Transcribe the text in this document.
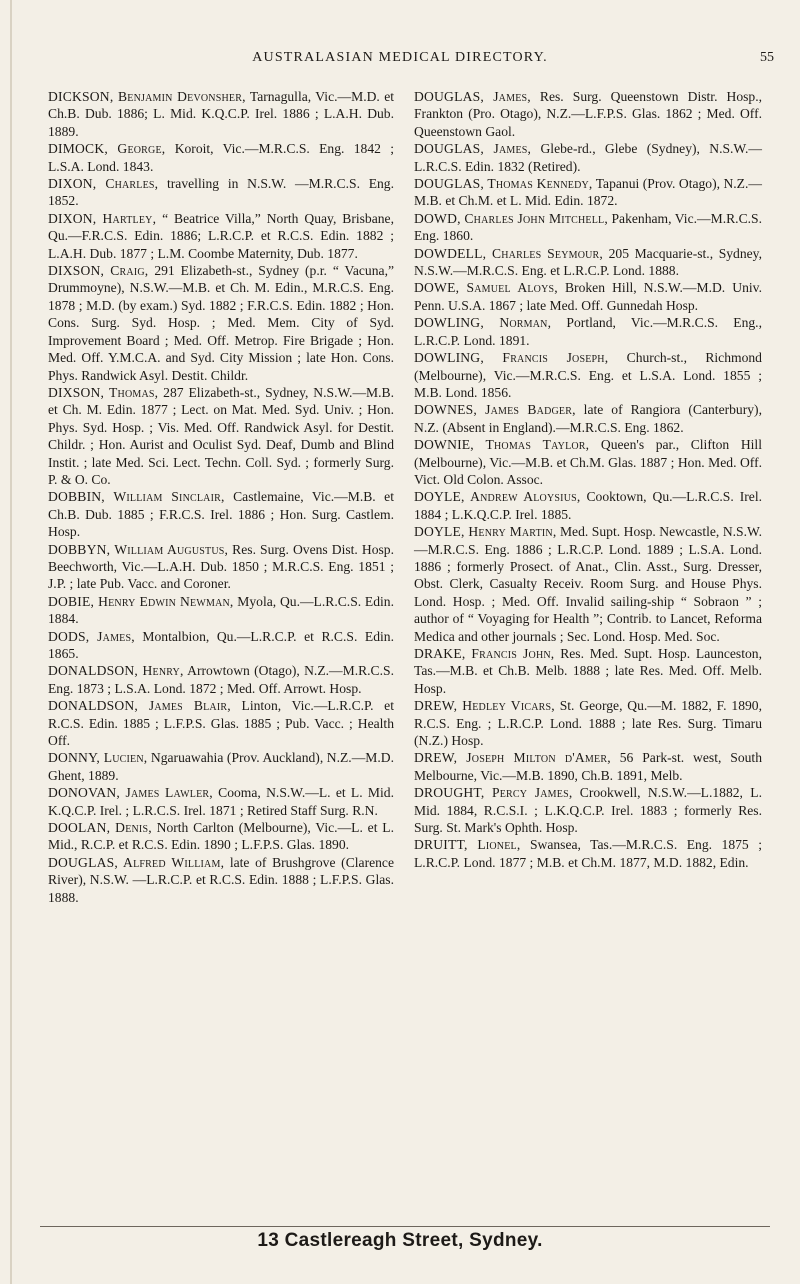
AUSTRALASIAN MEDICAL DIRECTORY.	55

DICKSON, Benjamin Devonsher, Tarnagulla, Vic.—M.D. et Ch.B. Dub. 1886; L. Mid. K.Q.C.P. Irel. 1886 ; L.A.H. Dub. 1889.

DIMOCK, George, Koroit, Vic.—M.R.C.S. Eng. 1842 ; L.S.A. Lond. 1843.

DIXON, Charles, travelling in N.S.W. —M.R.C.S. Eng. 1852.

DIXON, Hartley, “ Beatrice Villa,” North Quay, Brisbane, Qu.—F.R.C.S. Edin. 1886; L.R.C.P. et R.C.S. Edin. 1882 ; L.A.H. Dub. 1877 ; L.M. Coombe Maternity, Dub. 1877.

DIXSON, Craig, 291 Elizabeth-st., Sydney (p.r. “ Vacuna,” Drummoyne), N.S.W.—M.B. et Ch. M. Edin., M.R.C.S. Eng. 1878 ; M.D. (by exam.) Syd. 1882 ; F.R.C.S. Edin. 1882 ; Hon. Cons. Surg. Syd. Hosp. ; Med. Mem. City of Syd. Improvement Board ; Med. Off. Metrop. Fire Brigade ; Hon. Med. Off. Y.M.C.A. and Syd. City Mission ; late Hon. Cons. Phys. Randwick Asyl. Destit. Childr.

DIXSON, Thomas, 287 Elizabeth-st., Sydney, N.S.W.—M.B. et Ch. M. Edin. 1877 ; Lect. on Mat. Med. Syd. Univ. ; Hon. Phys. Syd. Hosp. ; Vis. Med. Off. Randwick Asyl. for Destit. Childr. ; Hon. Aurist and Oculist Syd. Deaf, Dumb and Blind Instit. ; late Med. Sci. Lect. Techn. Coll. Syd. ; formerly Surg. P. & O. Co.

DOBBIN, William Sinclair, Castlemaine, Vic.—M.B. et Ch.B. Dub. 1885 ; F.R.C.S. Irel. 1886 ; Hon. Surg. Castlem. Hosp.

DOBBYN, William Augustus, Res. Surg. Ovens Dist. Hosp. Beechworth, Vic.—L.A.H. Dub. 1850 ; M.R.C.S. Eng. 1851 ; J.P. ; late Pub. Vacc. and Coroner.

DOBIE, Henry Edwin Newman, Myola, Qu.—L.R.C.S. Edin. 1884.

DODS, James, Montalbion, Qu.—L.R.C.P. et R.C.S. Edin. 1865.

DONALDSON, Henry, Arrowtown (Otago), N.Z.—M.R.C.S. Eng. 1873 ; L.S.A. Lond. 1872 ; Med. Off. Arrowt. Hosp.

DONALDSON, James Blair, Linton, Vic.—L.R.C.P. et R.C.S. Edin. 1885 ; L.F.P.S. Glas. 1885 ; Pub. Vacc. ; Health Off.

DONNY, Lucien, Ngaruawahia (Prov. Auckland), N.Z.—M.D. Ghent, 1889.

DONOVAN, James Lawler, Cooma, N.S.W.—L. et L. Mid. K.Q.C.P. Irel. ; L.R.C.S. Irel. 1871 ; Retired Staff Surg. R.N.

DOOLAN, Denis, North Carlton (Melbourne), Vic.—L. et L. Mid., R.C.P. et R.C.S. Edin. 1890 ; L.F.P.S. Glas. 1890.

DOUGLAS, Alfred William, late of Brushgrove (Clarence River), N.S.W. —L.R.C.P. et R.C.S. Edin. 1888 ; L.F.P.S. Glas. 1888.

DOUGLAS, James, Res. Surg. Queenstown Distr. Hosp., Frankton (Pro. Otago), N.Z.—L.F.P.S. Glas. 1862 ; Med. Off. Queenstown Gaol.

DOUGLAS, James, Glebe-rd., Glebe (Sydney), N.S.W.—L.R.C.S. Edin. 1832 (Retired).

DOUGLAS, Thomas Kennedy, Tapanui (Prov. Otago), N.Z.—M.B. et Ch.M. et L. Mid. Edin. 1872.

DOWD, Charles John Mitchell, Pakenham, Vic.—M.R.C.S. Eng. 1860.

DOWDELL, Charles Seymour, 205 Macquarie-st., Sydney, N.S.W.—M.R.C.S. Eng. et L.R.C.P. Lond. 1888.

DOWE, Samuel Aloys, Broken Hill, N.S.W.—M.D. Univ. Penn. U.S.A. 1867 ; late Med. Off. Gunnedah Hosp.

DOWLING, Norman, Portland, Vic.—M.R.C.S. Eng., L.R.C.P. Lond. 1891.

DOWLING, Francis Joseph, Church-st., Richmond (Melbourne), Vic.—M.R.C.S. Eng. et L.S.A. Lond. 1855 ; M.B. Lond. 1856.

DOWNES, James Badger, late of Rangiora (Canterbury), N.Z. (Absent in England).—M.R.C.S. Eng. 1862.

DOWNIE, Thomas Taylor, Queen's par., Clifton Hill (Melbourne), Vic.—M.B. et Ch.M. Glas. 1887 ; Hon. Med. Off. Vict. Old Colon. Assoc.

DOYLE, Andrew Aloysius, Cooktown, Qu.—L.R.C.S. Irel. 1884 ; L.K.Q.C.P. Irel. 1885.

DOYLE, Henry Martin, Med. Supt. Hosp. Newcastle, N.S.W.—M.R.C.S. Eng. 1886 ; L.R.C.P. Lond. 1889 ; L.S.A. Lond. 1886 ; formerly Prosect. of Anat., Clin. Asst., Surg. Dresser, Obst. Clerk, Casualty Receiv. Room Surg. and House Phys. Lond. Hosp. ; Med. Off. Invalid sailing-ship “ Sobraon ” ; author of “ Voyaging for Health ”; Contrib. to Lancet, Reforma Medica and other journals ; Sec. Lond. Hosp. Med. Soc.

DRAKE, Francis John, Res. Med. Supt. Hosp. Launceston, Tas.—M.B. et Ch.B. Melb. 1888 ; late Res. Med. Off. Melb. Hosp.

DREW, Hedley Vicars, St. George, Qu.—M. 1882, F. 1890, R.C.S. Eng. ; L.R.C.P. Lond. 1888 ; late Res. Surg. Timaru (N.Z.) Hosp.

DREW, Joseph Milton d'Amer, 56 Park-st. west, South Melbourne, Vic.—M.B. 1890, Ch.B. 1891, Melb.

DROUGHT, Percy James, Crookwell, N.S.W.—L.1882, L. Mid. 1884, R.C.S.I. ; L.K.Q.C.P. Irel. 1883 ; formerly Res. Surg. St. Mark's Ophth. Hosp.

DRUITT, Lionel, Swansea, Tas.—M.R.C.S. Eng. 1875 ; L.R.C.P. Lond. 1877 ; M.B. et Ch.M. 1877, M.D. 1882, Edin.

13 Castlereagh Street, Sydney.
